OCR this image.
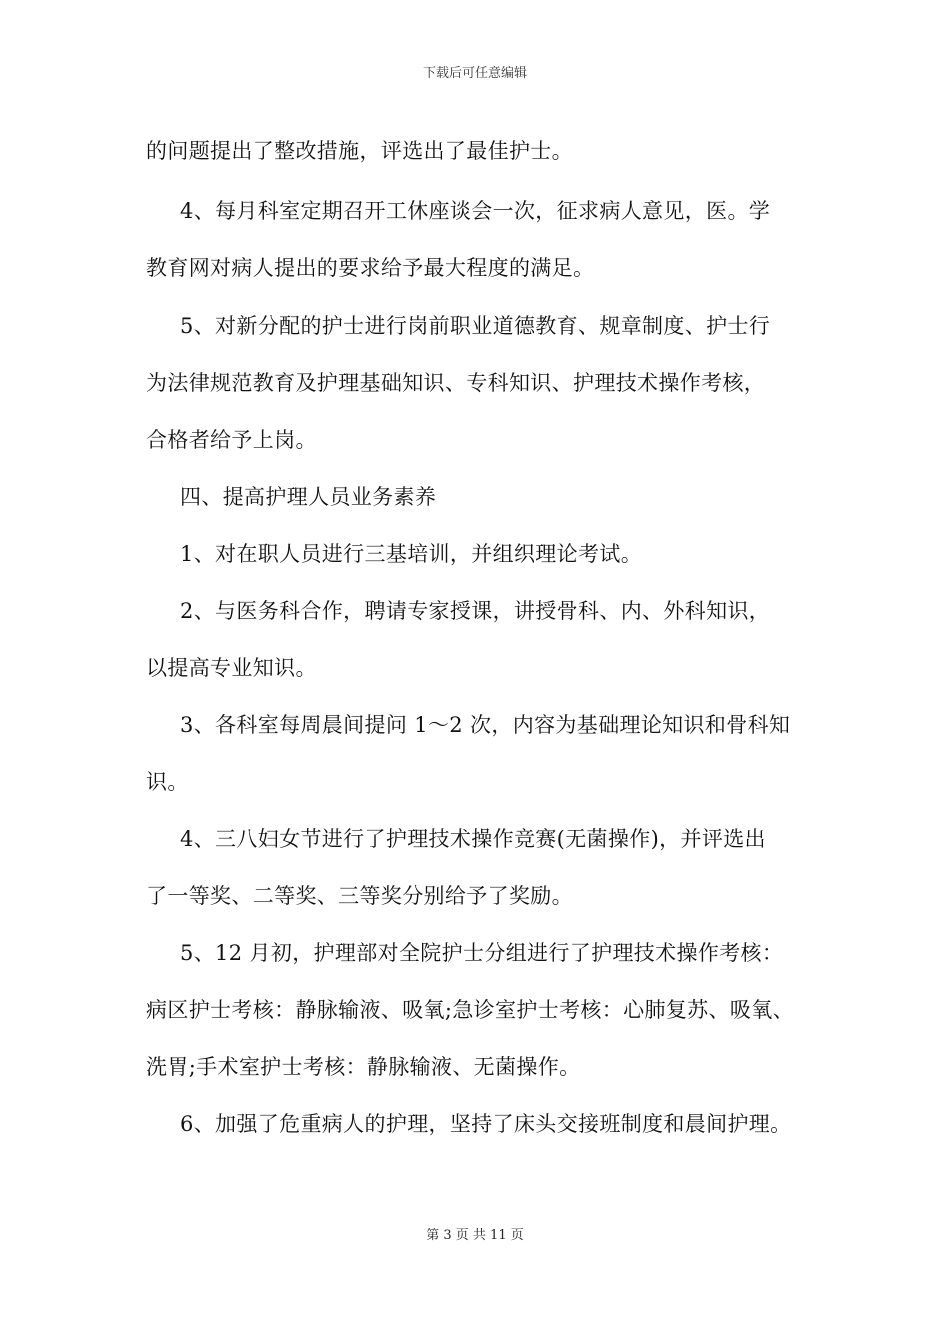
下载后可任意编辑
的问题提出了整改措施，评选出了最佳护士。
4、每月科室定期召开工休座谈会一次，征求病人意见，医。学
教育网对病人提出的要求给予最大程度的满足。
5、对新分配的护士进行岗前职业道德教育、规章制度、护士行
为法律规范教育及护理基础知识、专科知识、护理技术操作考核，
合格者给予上岗。
四、提高护理人员业务素养
1、对在职人员进行三基培训，并组织理论考试。
2、与医务科合作，聘请专家授课，讲授骨科、内、外科知识，
以提高专业知识。
3、各科室每周晨间提问 1～2 次，内容为基础理论知识和骨科知
识。
4、三八妇女节进行了护理技术操作竞赛(无菌操作)，并评选出
了一等奖、二等奖、三等奖分别给予了奖励。
5、12 月初，护理部对全院护士分组进行了护理技术操作考核：
病区护士考核：静脉输液、吸氧;急诊室护士考核：心肺复苏、吸氧、
洗胃;手术室护士考核：静脉输液、无菌操作。
6、加强了危重病人的护理，坚持了床头交接班制度和晨间护理。
第 3 页 共 11 页
